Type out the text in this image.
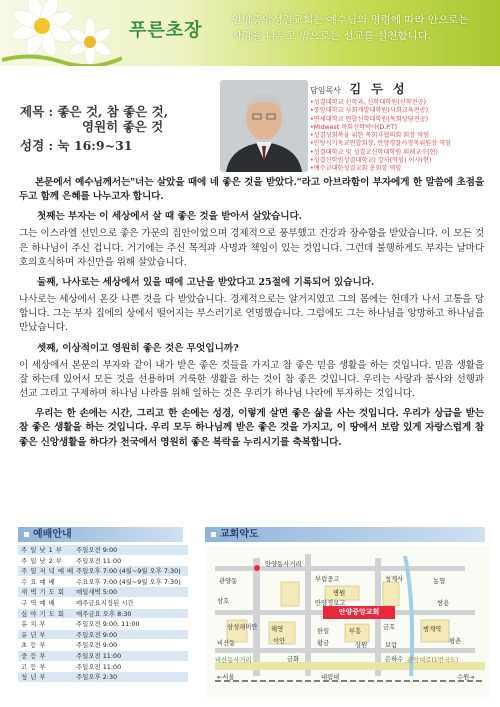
푸른초장	안양중앙성결교회는 예수님의 명령에 따라 안으로는
사랑을 나누고 밖으로는 선교를 실천합니다.
제목 : 좋은 것, 참 좋은 것,
영원히 좋은 것
성경 : 눅 16:9~31
담임목사 김 두 성
• 성결대학교 신학과, 신학대학원(신학전공)
• 중앙대학교 사회개발대학원(사회교육전공)
• 연세대학교 연합신학대학원(목회상담전공)
• Midwest 목회신학박사(D.P.T)
• 성결성회복을 위한 목회자협의회 회장 역임
• 안양시기독교연합회장, 안양경찰서경목위원장 역임
• 성결대학교 및 성결교신학대학원 외래교수(현)
• 성결신학원성결대학교) 강사(역임) 이사(현)
• 예수교대한성결교회 총회장 역임

본문에서 예수님께서는"너는 살았을 때에 네 좋은 것을 받았다."라고 아브라함이 부자에게 한 말씀에 초점을 두고 함께 은혜를 나누고자 합니다.

첫째는 부자는 이 세상에서 살 때 좋은 것을 받아서 살았습니다.

그는 이스라엘 선민으로 좋은 가문의 집안이었으며 경제적으로 풍부했고 건강과 장수함을 받았습니다. 이 모든 것은 하나님이 주신 겁니다. 거기에는 주신 목적과 사명과 책임이 있는 것입니다. 그런데 불행하게도 부자는 날마다 호의호식하며 자신만을 위해 살았습니다.

둘째, 나사로는 세상에서 있을 때에 고난을 받았다고 25절에 기록되어 있습니다.

나사로는 세상에서 온갖 나쁜 것을 다 받았습니다. 경제적으로는 알거지였고 그의 몸에는 헌데가 나서 고통을 당합니다. 그는 부자 집에의 상에서 떨어지는 부스러기로 연명했습니다. 그럼에도 그는 하나님을 앙망하고 하나님을 만났습니다.

셋째, 이상적이고 영원히 좋은 것은 무엇입니까?

이 세상에서 본문의 부자와 같이 내가 받은 좋은 것들을 가지고 참 좋은 믿음 생활을 하는 것입니다. 믿음 생활을 잘 하는데 있어서 모든 것을 선용하며 거룩한 생활을 하는 것이 참 좋은 것입니다. 우리는 사랑과 봉사와 선행과 선교 그리고 구제하며 하나님 나라를 위해 일하는 것은 우리가 하나님 나라에 투자하는 것입니다.

우리는 한 손에는 시간, 그리고 한 손에는 성경, 이렇게 살면 좋은 삶을 사는 것입니다. 우리가 상급을 받는 참 좋은 생활을 하는 것입니다. 우리 모두 하나님께 받은 좋은 것을 가지고, 이 땅에서 보람 있게 자랑스럽게 참 좋은 신앙생활을 하다가 천국에서 영원히 좋은 복락을 누리시기를 축복합니다.

예배안내
주 일 낮 1 부	주일오전 9:00
주 일 낮 2 부	주일오전 11:00
주 일 저 녁 예 배 주일오후 7:00 (4월~9월 오후 7:30)
수 요 예 배	수요오후 7:00 (4월~9월 오후 7:30)
새 벽 기 도 회	매일새벽 5:00
구 역 예 배	매주금요지정된 시간
심 야 기 도 회	매주금요 오후 8:30
유 치 부	주일오전 9:00, 11:00
유 년 부	주일오전 9:00
초 등 부	주일오전 9:00
중 등 부	주일오전 11:00
고 등 부	주일오전 11:00
청 년 부	주일오후 2:30
교회약도
안양중앙교회
안양동사거리
관양동	부림중고	청계사	농협
병원
삼호	안양정보고	쌍용
삼성래미안 해영	부흥	범계역
금호
평촌
이안
비산동	황금	상원
한일
보람
금화	은하수
대림대
←서울	수원→
비산동사거리	관악대로(1번국도)
